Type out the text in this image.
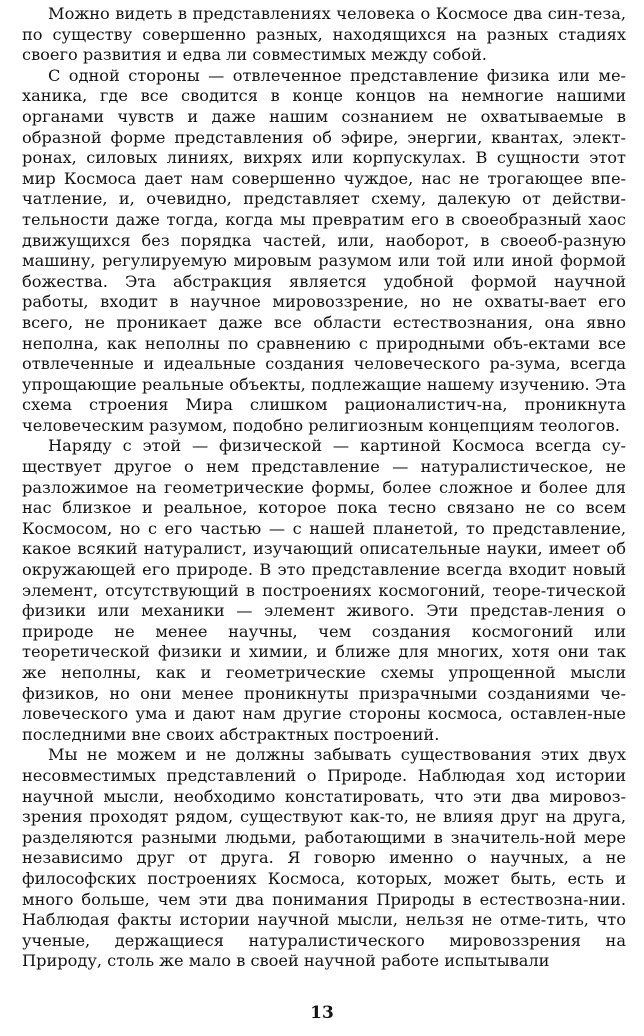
Можно видеть в представлениях человека о Космосе два син-теза, по существу совершенно разных, находящихся на разных стадиях своего развития и едва ли совместимых между собой.

С одной стороны — отвлеченное представление физика или ме-ханика, где все сводится в конце концов на немногие нашими органами чувств и даже нашим сознанием не охватываемые в образной форме представления об эфире, энергии, квантах, элект-ронах, силовых линиях, вихрях или корпускулах. В сущности этот мир Космоса дает нам совершенно чуждое, нас не трогающее впе-чатление, и, очевидно, представляет схему, далекую от действи-тельности даже тогда, когда мы превратим его в своеобразный хаос движущихся без порядка частей, или, наоборот, в своеоб-разную машину, регулируемую мировым разумом или той или иной формой божества. Эта абстракция является удобной формой научной работы, входит в научное мировоззрение, но не охваты-вает его всего, не проникает даже все области естествознания, она явно неполна, как неполны по сравнению с природными объ-ектами все отвлеченные и идеальные создания человеческого ра-зума, всегда упрощающие реальные объекты, подлежащие нашему изучению. Эта схема строения Мира слишком рационалистич-на, проникнута человеческим разумом, подобно религиозным концепциям теологов.

Наряду с этой — физической — картиной Космоса всегда су-ществует другое о нем представление — натуралистическое, не разложимое на геометрические формы, более сложное и более для нас близкое и реальное, которое пока тесно связано не со всем Космосом, но с его частью — с нашей планетой, то представление, какое всякий натуралист, изучающий описательные науки, имеет об окружающей его природе. В это представление всегда входит новый элемент, отсутствующий в построениях космогоний, теоре-тической физики или механики — элемент живого. Эти представ-ления о природе не менее научны, чем создания космогоний или теоретической физики и химии, и ближе для многих, хотя они так же неполны, как и геометрические схемы упрощенной мысли физиков, но они менее проникнуты призрачными созданиями че-ловеческого ума и дают нам другие стороны космоса, оставлен-ные последними вне своих абстрактных построений.

Мы не можем и не должны забывать существования этих двух несовместимых представлений о Природе. Наблюдая ход истории научной мысли, необходимо констатировать, что эти два мировоз-зрения проходят рядом, существуют как-то, не влияя друг на друга, разделяются разными людьми, работающими в значитель-ной мере независимо друг от друга. Я говорю именно о научных, а не философских построениях Космоса, которых, может быть, есть и много больше, чем эти два понимания Природы в естествозна-нии. Наблюдая факты истории научной мысли, нельзя не отме-тить, что ученые, держащиеся натуралистического мировоззрения на Природу, столь же мало в своей научной работе испытывали

13
